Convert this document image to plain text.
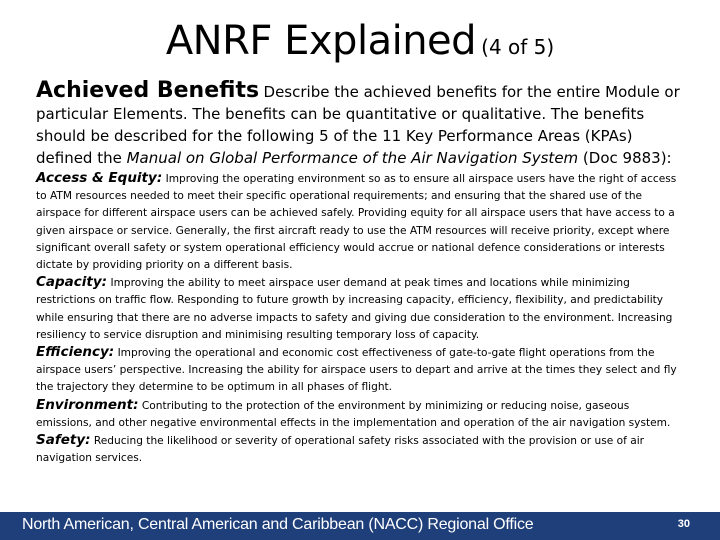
ANRF Explained (4 of 5)

Achieved Benefits Describe the achieved benefits for the entire Module or particular Elements. The benefits can be quantitative or qualitative. The benefits should be described for the following 5 of the 11 Key Performance Areas (KPAs) defined the Manual on Global Performance of the Air Navigation System (Doc 9883):

Access & Equity: Improving the operating environment so as to ensure all airspace users have the right of access to ATM resources needed to meet their specific operational requirements; and ensuring that the shared use of the airspace for different airspace users can be achieved safely. Providing equity for all airspace users that have access to a given airspace or service. Generally, the first aircraft ready to use the ATM resources will receive priority, except where significant overall safety or system operational efficiency would accrue or national defence considerations or interests dictate by providing priority on a different basis.

Capacity: Improving the ability to meet airspace user demand at peak times and locations while minimizing restrictions on traffic flow. Responding to future growth by increasing capacity, efficiency, flexibility, and predictability while ensuring that there are no adverse impacts to safety and giving due consideration to the environment. Increasing resiliency to service disruption and minimising resulting temporary loss of capacity.

Efficiency: Improving the operational and economic cost effectiveness of gate-to-gate flight operations from the airspace users’ perspective. Increasing the ability for airspace users to depart and arrive at the times they select and fly the trajectory they determine to be optimum in all phases of flight.

Environment: Contributing to the protection of the environment by minimizing or reducing noise, gaseous emissions, and other negative environmental effects in the implementation and operation of the air navigation system.

Safety: Reducing the likelihood or severity of operational safety risks associated with the provision or use of air navigation services.

North American, Central American and Caribbean (NACC) Regional Office	30
